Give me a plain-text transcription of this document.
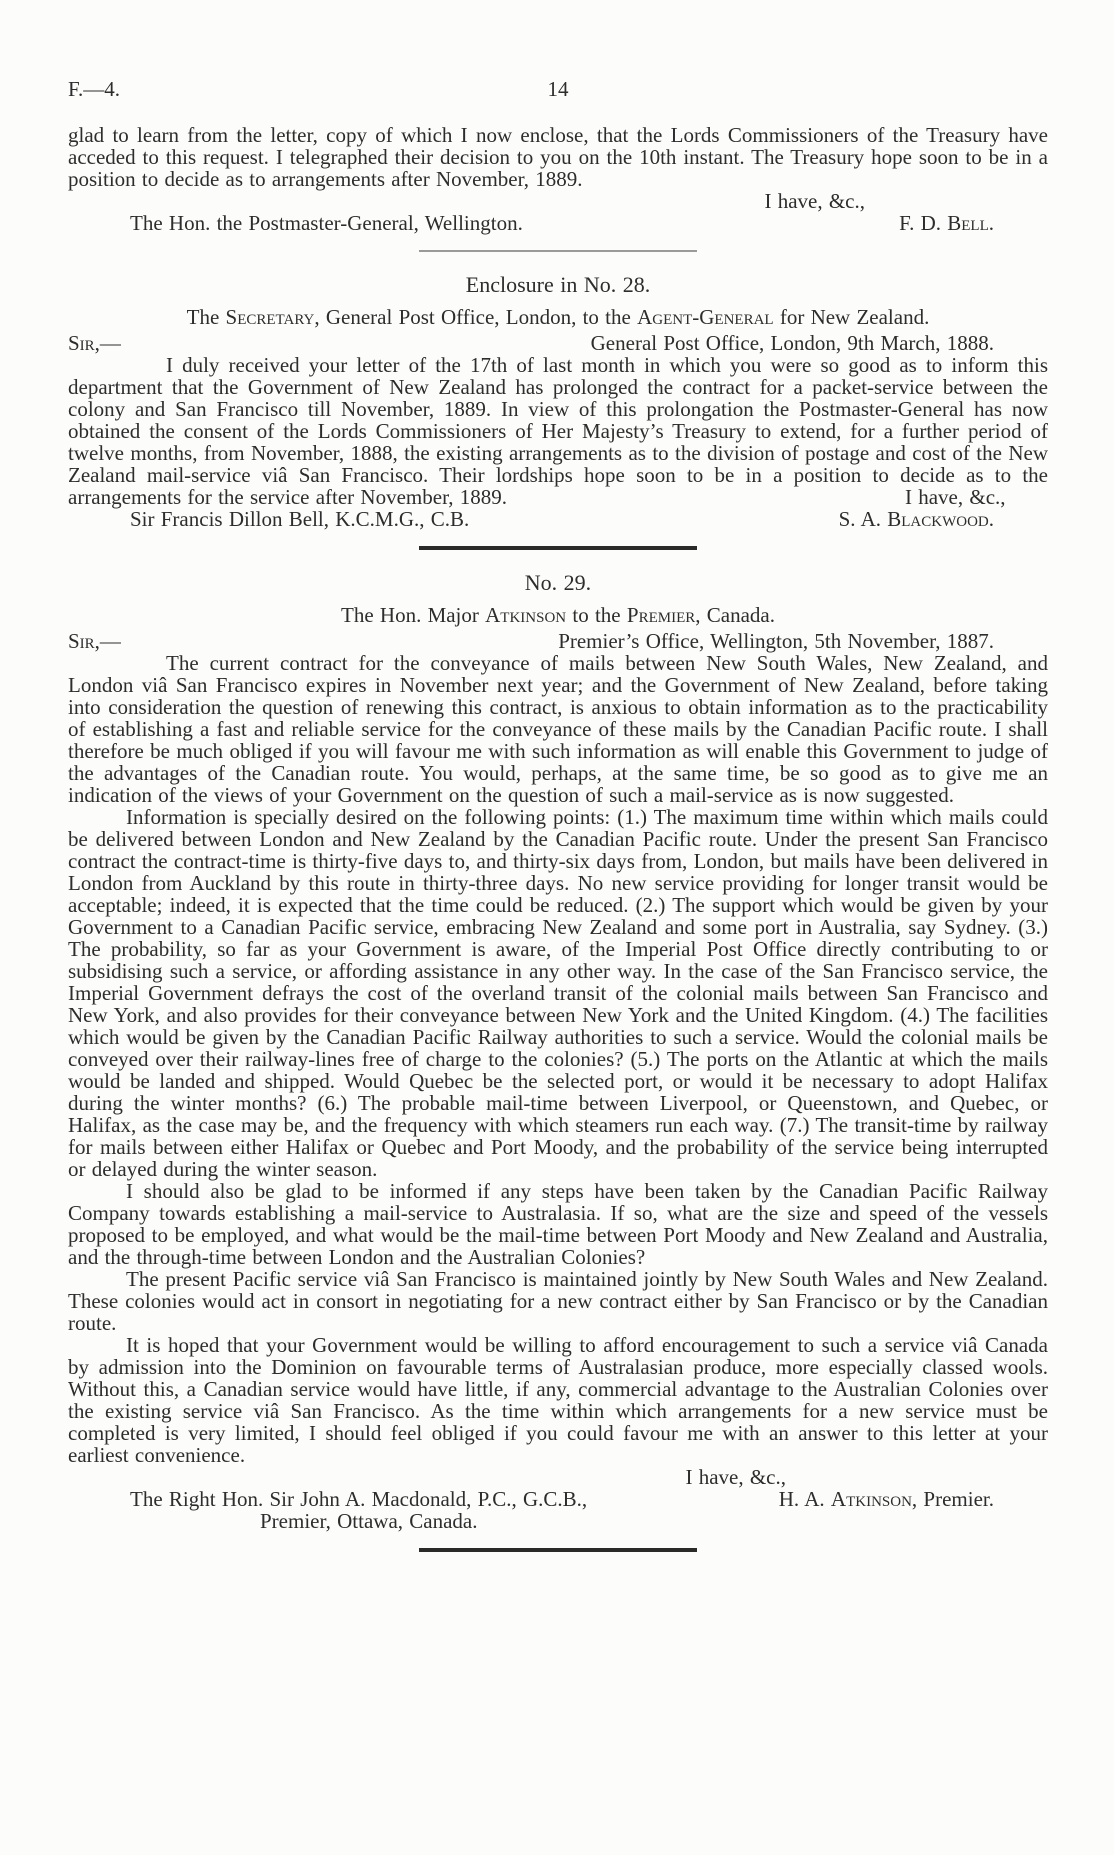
F.—4.	14

glad to learn from the letter, copy of which I now enclose, that the Lords Commissioners of the Treasury have acceded to this request. I telegraphed their decision to you on the 10th instant. The Treasury hope soon to be in a position to decide as to arrangements after November, 1889.

I have, &c.,
The Hon. the Postmaster-General, Wellington.	F. D. Bell.

Enclosure in No. 28.

The Secretary, General Post Office, London, to the Agent-General for New Zealand.

Sir,—	General Post Office, London, 9th March, 1888.

I duly received your letter of the 17th of last month in which you were so good as to inform this department that the Government of New Zealand has prolonged the contract for a packet-service between the colony and San Francisco till November, 1889. In view of this prolongation the Postmaster-General has now obtained the consent of the Lords Commissioners of Her Majesty’s Treasury to extend, for a further period of twelve months, from November, 1888, the existing arrangements as to the division of postage and cost of the New Zealand mail-service viâ San Francisco. Their lordships hope soon to be in a position to decide as to the arrangements for the service after November, 1889.	I have, &c.,

Sir Francis Dillon Bell, K.C.M.G., C.B.	S. A. Blackwood.

No. 29.

The Hon. Major Atkinson to the Premier, Canada.

Sir,—	Premier’s Office, Wellington, 5th November, 1887.

The current contract for the conveyance of mails between New South Wales, New Zealand, and London viâ San Francisco expires in November next year; and the Government of New Zealand, before taking into consideration the question of renewing this contract, is anxious to obtain information as to the practicability of establishing a fast and reliable service for the conveyance of these mails by the Canadian Pacific route. I shall therefore be much obliged if you will favour me with such information as will enable this Government to judge of the advantages of the Canadian route. You would, perhaps, at the same time, be so good as to give me an indication of the views of your Government on the question of such a mail-service as is now suggested.

Information is specially desired on the following points: (1.) The maximum time within which mails could be delivered between London and New Zealand by the Canadian Pacific route. Under the present San Francisco contract the contract-time is thirty-five days to, and thirty-six days from, London, but mails have been delivered in London from Auckland by this route in thirty-three days. No new service providing for longer transit would be acceptable; indeed, it is expected that the time could be reduced. (2.) The support which would be given by your Government to a Canadian Pacific service, embracing New Zealand and some port in Australia, say Sydney. (3.) The probability, so far as your Government is aware, of the Imperial Post Office directly contributing to or subsidising such a service, or affording assistance in any other way. In the case of the San Francisco service, the Imperial Government defrays the cost of the overland transit of the colonial mails between San Francisco and New York, and also provides for their conveyance between New York and the United Kingdom. (4.) The facilities which would be given by the Canadian Pacific Railway authorities to such a service. Would the colonial mails be conveyed over their railway-lines free of charge to the colonies? (5.) The ports on the Atlantic at which the mails would be landed and shipped. Would Quebec be the selected port, or would it be necessary to adopt Halifax during the winter months? (6.) The probable mail-time between Liverpool, or Queenstown, and Quebec, or Halifax, as the case may be, and the frequency with which steamers run each way. (7.) The transit-time by railway for mails between either Halifax or Quebec and Port Moody, and the probability of the service being interrupted or delayed during the winter season.

I should also be glad to be informed if any steps have been taken by the Canadian Pacific Railway Company towards establishing a mail-service to Australasia. If so, what are the size and speed of the vessels proposed to be employed, and what would be the mail-time between Port Moody and New Zealand and Australia, and the through-time between London and the Australian Colonies?

The present Pacific service viâ San Francisco is maintained jointly by New South Wales and New Zealand. These colonies would act in consort in negotiating for a new contract either by San Francisco or by the Canadian route.

It is hoped that your Government would be willing to afford encouragement to such a service viâ Canada by admission into the Dominion on favourable terms of Australasian produce, more especially classed wools. Without this, a Canadian service would have little, if any, commercial advantage to the Australian Colonies over the existing service viâ San Francisco. As the time within which arrangements for a new service must be completed is very limited, I should feel obliged if you could favour me with an answer to this letter at your earliest convenience.

I have, &c.,
The Right Hon. Sir John A. Macdonald, P.C., G.C.B.,	H. A. Atkinson, Premier.
Premier, Ottawa, Canada.
